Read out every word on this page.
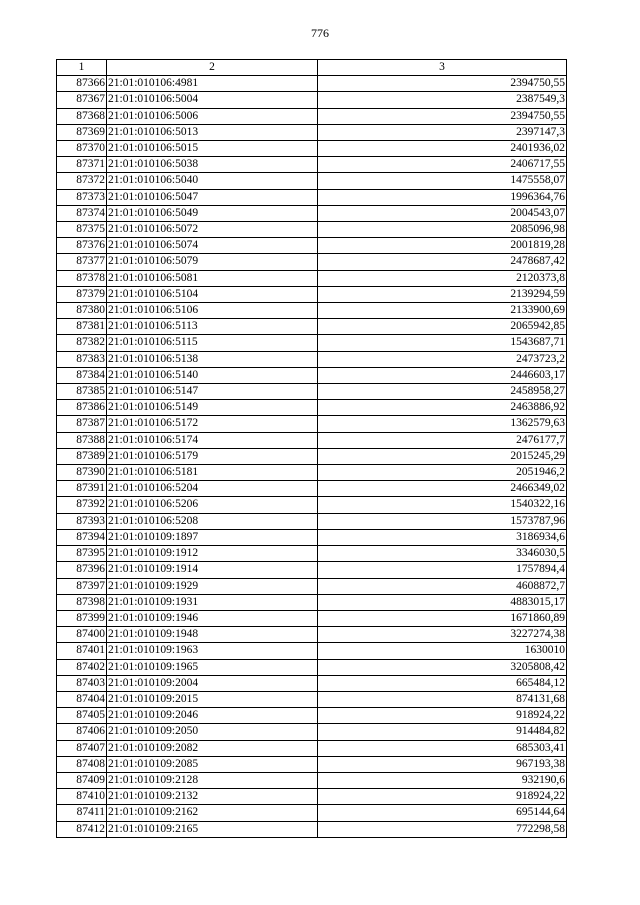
776
1	2	3
87366	21:01:010106:4981	2394750,55
87367	21:01:010106:5004	2387549,3
87368	21:01:010106:5006	2394750,55
87369	21:01:010106:5013	2397147,3
87370	21:01:010106:5015	2401936,02
87371	21:01:010106:5038	2406717,55
87372	21:01:010106:5040	1475558,07
87373	21:01:010106:5047	1996364,76
87374	21:01:010106:5049	2004543,07
87375	21:01:010106:5072	2085096,98
87376	21:01:010106:5074	2001819,28
87377	21:01:010106:5079	2478687,42
87378	21:01:010106:5081	2120373,8
87379	21:01:010106:5104	2139294,59
87380	21:01:010106:5106	2133900,69
87381	21:01:010106:5113	2065942,85
87382	21:01:010106:5115	1543687,71
87383	21:01:010106:5138	2473723,2
87384	21:01:010106:5140	2446603,17
87385	21:01:010106:5147	2458958,27
87386	21:01:010106:5149	2463886,92
87387	21:01:010106:5172	1362579,63
87388	21:01:010106:5174	2476177,7
87389	21:01:010106:5179	2015245,29
87390	21:01:010106:5181	2051946,2
87391	21:01:010106:5204	2466349,02
87392	21:01:010106:5206	1540322,16
87393	21:01:010106:5208	1573787,96
87394	21:01:010109:1897	3186934,6
87395	21:01:010109:1912	3346030,5
87396	21:01:010109:1914	1757894,4
87397	21:01:010109:1929	4608872,7
87398	21:01:010109:1931	4883015,17
87399	21:01:010109:1946	1671860,89
87400	21:01:010109:1948	3227274,38
87401	21:01:010109:1963	1630010
87402	21:01:010109:1965	3205808,42
87403	21:01:010109:2004	665484,12
87404	21:01:010109:2015	874131,68
87405	21:01:010109:2046	918924,22
87406	21:01:010109:2050	914484,82
87407	21:01:010109:2082	685303,41
87408	21:01:010109:2085	967193,38
87409	21:01:010109:2128	932190,6
87410	21:01:010109:2132	918924,22
87411	21:01:010109:2162	695144,64
87412	21:01:010109:2165	772298,58
